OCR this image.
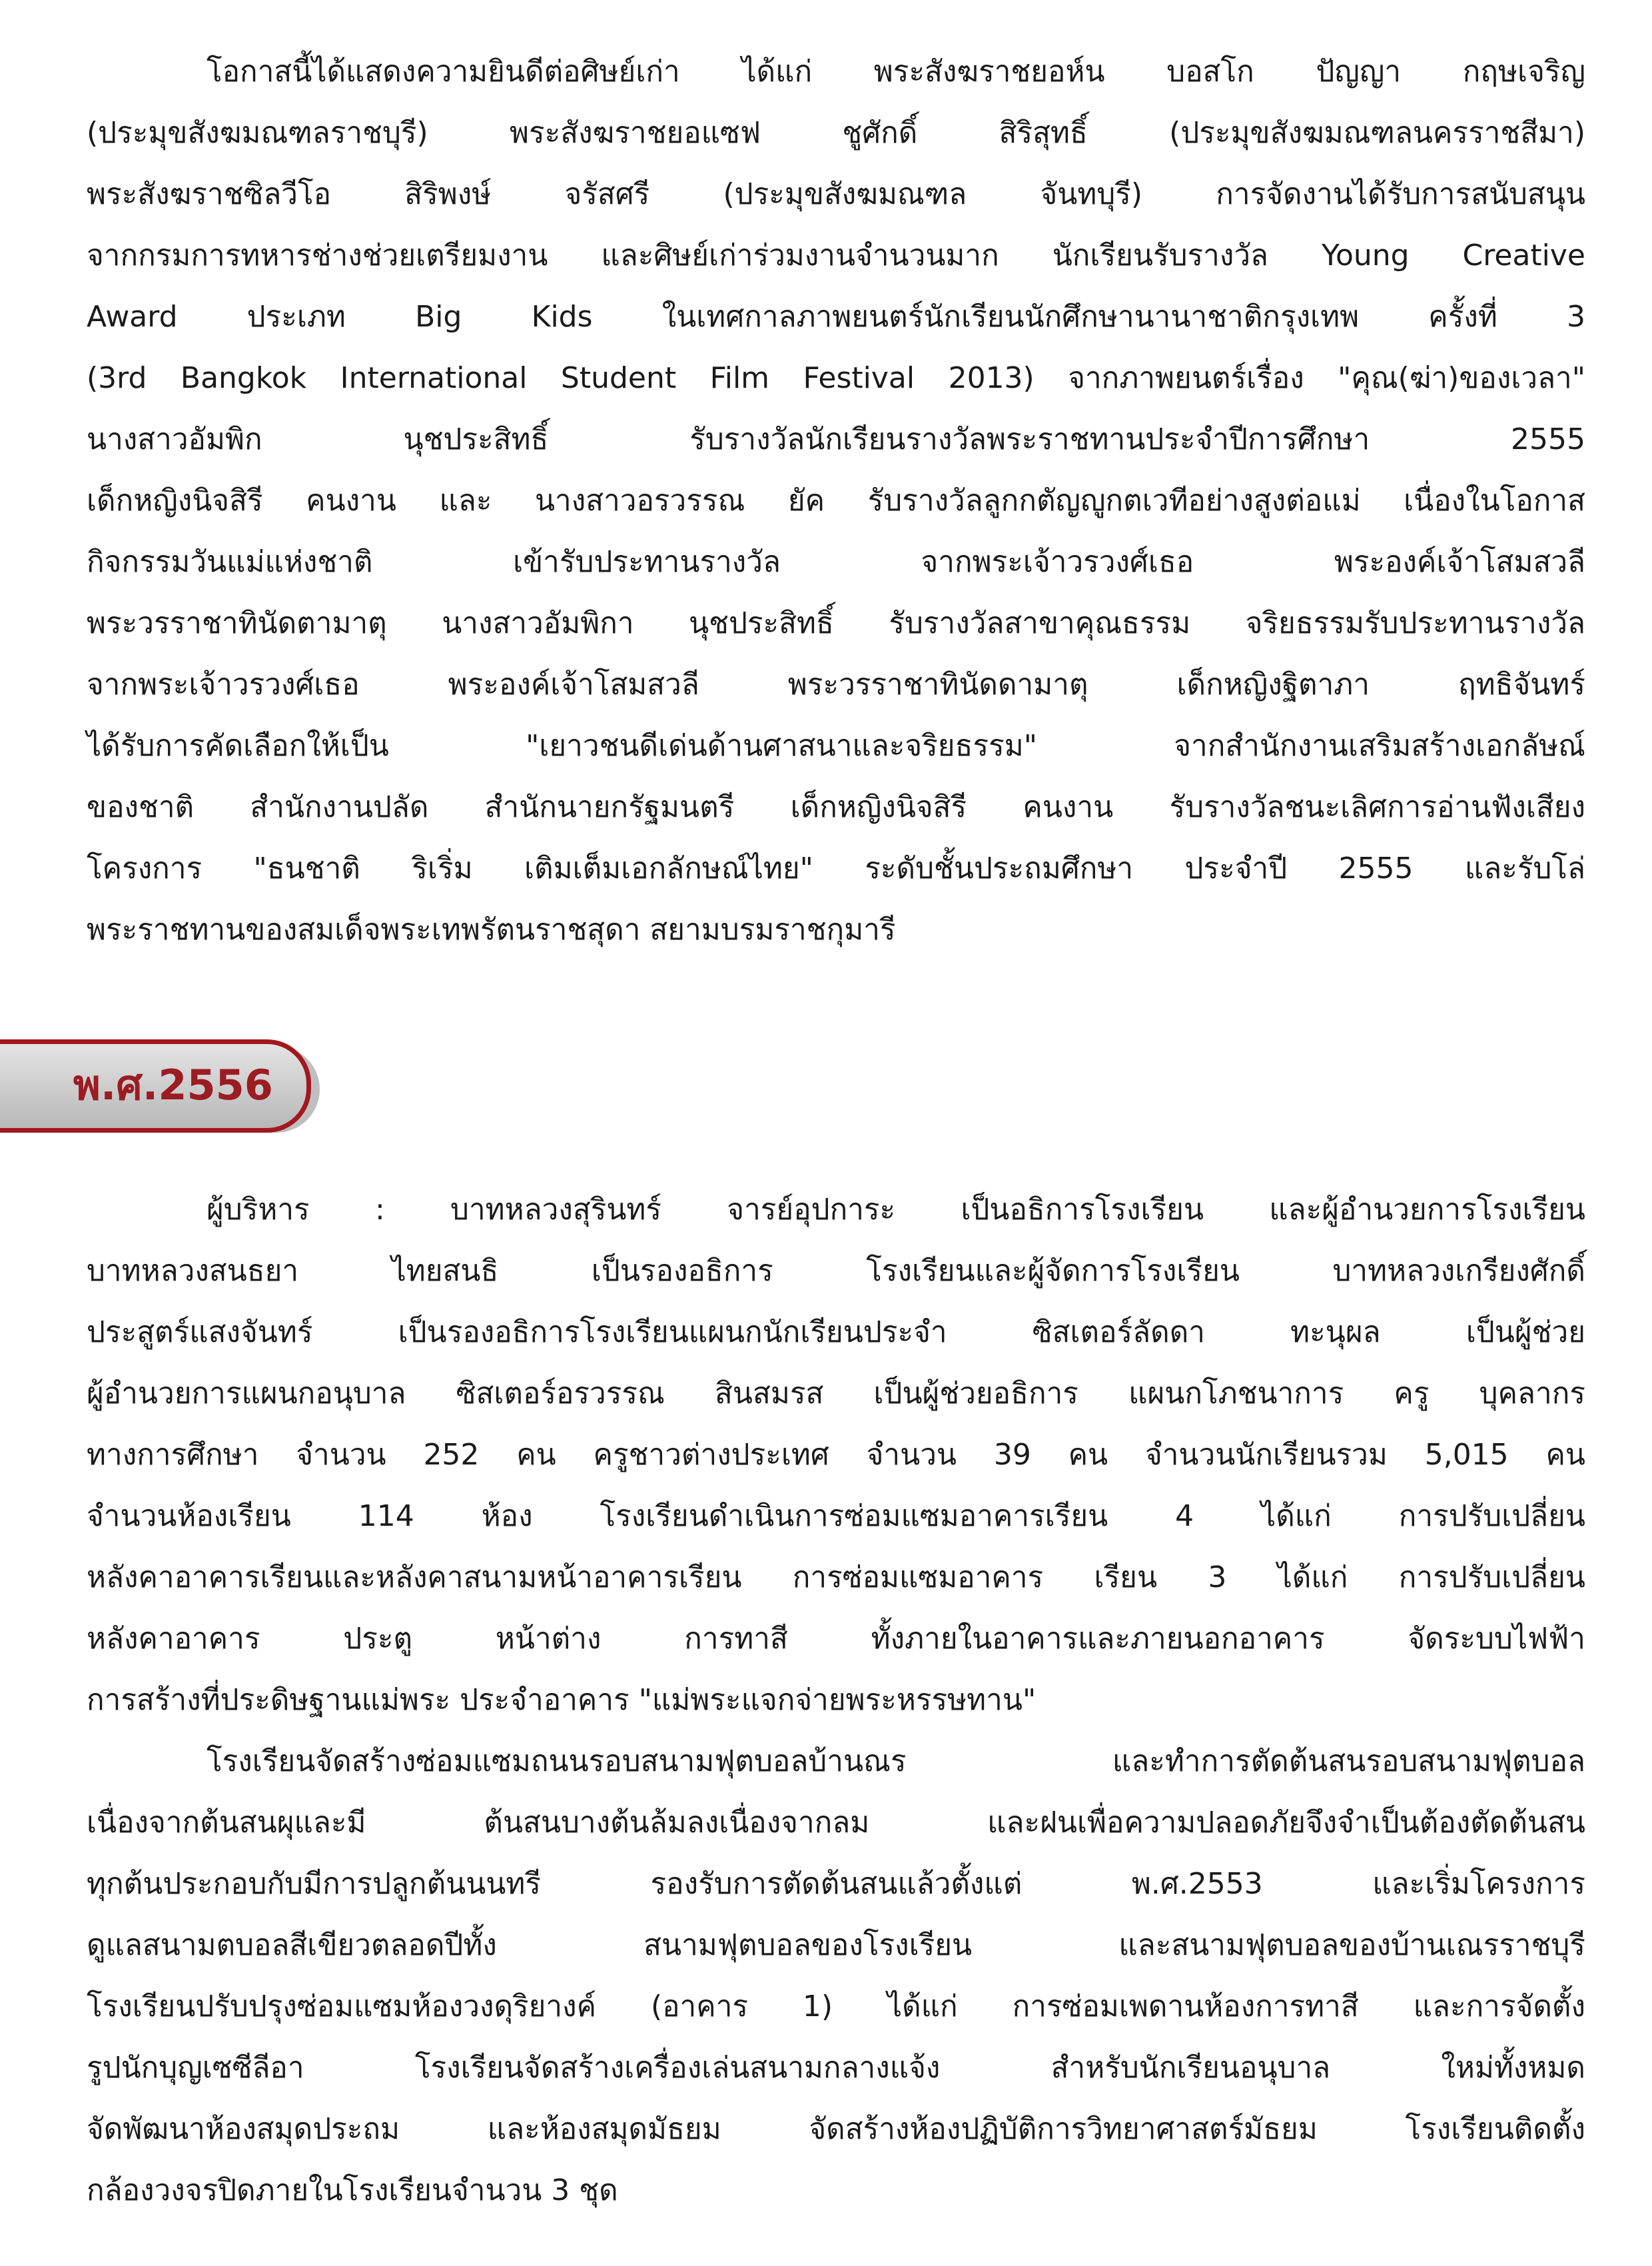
โอกาสนี้ได้แสดงความยินดีต่อศิษย์เก่า ได้แก่ พระสังฆราชยอห์น บอสโก ปัญญา กฤษเจริญ
(ประมุขสังฆมณฑลราชบุรี) พระสังฆราชยอแซฟ ชูศักดิ์ สิริสุทธิ์ (ประมุขสังฆมณฑลนครราชสีมา)
พระสังฆราชซิลวีโอ สิริพงษ์ จรัสศรี (ประมุขสังฆมณฑล จันทบุรี) การจัดงานได้รับการสนับสนุน
จากกรมการทหารช่างช่วยเตรียมงาน และศิษย์เก่าร่วมงานจำนวนมาก นักเรียนรับรางวัล Young Creative
Award ประเภท Big Kids ในเทศกาลภาพยนตร์นักเรียนนักศึกษานานาชาติกรุงเทพ ครั้งที่ 3
(3rd Bangkok International Student Film Festival 2013) จากภาพยนตร์เรื่อง "คุณ(ฆ่า)ของเวลา"
นางสาวอัมพิก นุชประสิทธิ์ รับรางวัลนักเรียนรางวัลพระราชทานประจำปีการศึกษา 2555
เด็กหญิงนิจสิรี คนงาน และ นางสาวอรวรรณ ยัค รับรางวัลลูกกตัญญูกตเวทีอย่างสูงต่อแม่ เนื่องในโอกาส
กิจกรรมวันแม่แห่งชาติ เข้ารับประทานรางวัล จากพระเจ้าวรวงศ์เธอ พระองค์เจ้าโสมสวลี
พระวรราชาทินัดตามาตุ นางสาวอัมพิกา นุชประสิทธิ์ รับรางวัลสาขาคุณธรรม จริยธรรมรับประทานรางวัล
จากพระเจ้าวรวงศ์เธอ พระองค์เจ้าโสมสวลี พระวรราชาทินัดดามาตุ เด็กหญิงฐิตาภา ฤทธิจันทร์
ได้รับการคัดเลือกให้เป็น "เยาวชนดีเด่นด้านศาสนาและจริยธรรม" จากสำนักงานเสริมสร้างเอกลัษณ์
ของชาติ สำนักงานปลัด สำนักนายกรัฐมนตรี เด็กหญิงนิจสิรี คนงาน รับรางวัลชนะเลิศการอ่านฟังเสียง
โครงการ "ธนชาติ ริเริ่ม เติมเต็มเอกลักษณ์ไทย" ระดับชั้นประถมศึกษา ประจำปี 2555 และรับโล่
พระราชทานของสมเด็จพระเทพรัตนราชสุดา สยามบรมราชกุมารี
พ.ศ.2556
ผู้บริหาร : บาทหลวงสุรินทร์ จารย์อุปการะ เป็นอธิการโรงเรียน และผู้อำนวยการโรงเรียน
บาทหลวงสนธยา ไทยสนธิ เป็นรองอธิการ โรงเรียนและผู้จัดการโรงเรียน บาทหลวงเกรียงศักดิ์
ประสูตร์แสงจันทร์ เป็นรองอธิการโรงเรียนแผนกนักเรียนประจำ ซิสเตอร์ลัดดา ทะนุผล เป็นผู้ช่วย
ผู้อำนวยการแผนกอนุบาล ซิสเตอร์อรวรรณ สินสมรส เป็นผู้ช่วยอธิการ แผนกโภชนาการ ครู บุคลากร
ทางการศึกษา จำนวน 252 คน ครูชาวต่างประเทศ จำนวน 39 คน จำนวนนักเรียนรวม 5,015 คน
จำนวนห้องเรียน 114 ห้อง โรงเรียนดำเนินการซ่อมแซมอาคารเรียน 4 ได้แก่ การปรับเปลี่ยน
หลังคาอาคารเรียนและหลังคาสนามหน้าอาคารเรียน การซ่อมแซมอาคาร เรียน 3 ได้แก่ การปรับเปลี่ยน
หลังคาอาคาร ประตู หน้าต่าง การทาสี ทั้งภายในอาคารและภายนอกอาคาร จัดระบบไฟฟ้า
การสร้างที่ประดิษฐานแม่พระ ประจำอาคาร "แม่พระแจกจ่ายพระหรรษทาน"
โรงเรียนจัดสร้างซ่อมแซมถนนรอบสนามฟุตบอลบ้านณร และทำการตัดต้นสนรอบสนามฟุตบอล
เนื่องจากต้นสนผุและมี ต้นสนบางต้นล้มลงเนื่องจากลม และฝนเพื่อความปลอดภัยจึงจำเป็นต้องตัดต้นสน
ทุกต้นประกอบกับมีการปลูกต้นนนทรี รองรับการตัดต้นสนแล้วตั้งแต่ พ.ศ.2553 และเริ่มโครงการ
ดูแลสนามตบอลสีเขียวตลอดปีทั้ง สนามฟุตบอลของโรงเรียน และสนามฟุตบอลของบ้านเณรราชบุรี
โรงเรียนปรับปรุงซ่อมแซมห้องวงดุริยางค์ (อาคาร 1) ได้แก่ การซ่อมเพดานห้องการทาสี และการจัดตั้ง
รูปนักบุญเซซีลีอา โรงเรียนจัดสร้างเครื่องเล่นสนามกลางแจ้ง สำหรับนักเรียนอนุบาล ใหม่ทั้งหมด
จัดพัฒนาห้องสมุดประถม และห้องสมุดมัธยม จัดสร้างห้องปฏิบัติการวิทยาศาสตร์มัธยม โรงเรียนติดตั้ง
กล้องวงจรปิดภายในโรงเรียนจำนวน 3 ชุด
